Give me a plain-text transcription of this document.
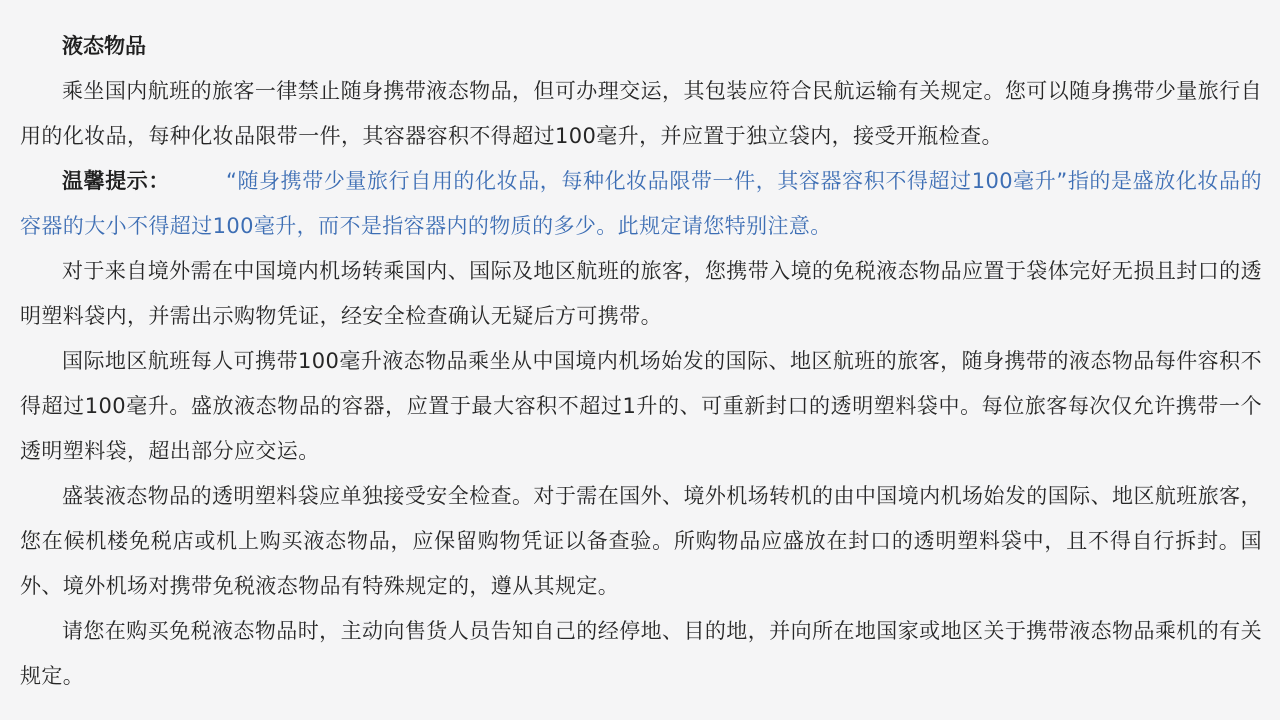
液态物品

乘坐国内航班的旅客一律禁止随身携带液态物品，但可办理交运，其包装应符合民航运输有关规定。您可以随身携带少量旅行自用的化妆品，每种化妆品限带一件，其容器容积不得超过100毫升，并应置于独立袋内，接受开瓶检查。

温馨提示：	“随身携带少量旅行自用的化妆品，每种化妆品限带一件，其容器容积不得超过100毫升”指的是盛放化妆品的容器的大小不得超过100毫升，而不是指容器内的物质的多少。此规定请您特别注意。

对于来自境外需在中国境内机场转乘国内、国际及地区航班的旅客，您携带入境的免税液态物品应置于袋体完好无损且封口的透明塑料袋内，并需出示购物凭证，经安全检查确认无疑后方可携带。

国际地区航班每人可携带100毫升液态物品乘坐从中国境内机场始发的国际、地区航班的旅客，随身携带的液态物品每件容积不得超过100毫升。盛放液态物品的容器，应置于最大容积不超过1升的、可重新封口的透明塑料袋中。每位旅客每次仅允许携带一个透明塑料袋，超出部分应交运。

盛装液态物品的透明塑料袋应单独接受安全检查。对于需在国外、境外机场转机的由中国境内机场始发的国际、地区航班旅客，您在候机楼免税店或机上购买液态物品，应保留购物凭证以备查验。所购物品应盛放在封口的透明塑料袋中，且不得自行拆封。国外、境外机场对携带免税液态物品有特殊规定的，遵从其规定。

请您在购买免税液态物品时，主动向售货人员告知自己的经停地、目的地，并向所在地国家或地区关于携带液态物品乘机的有关规定。
